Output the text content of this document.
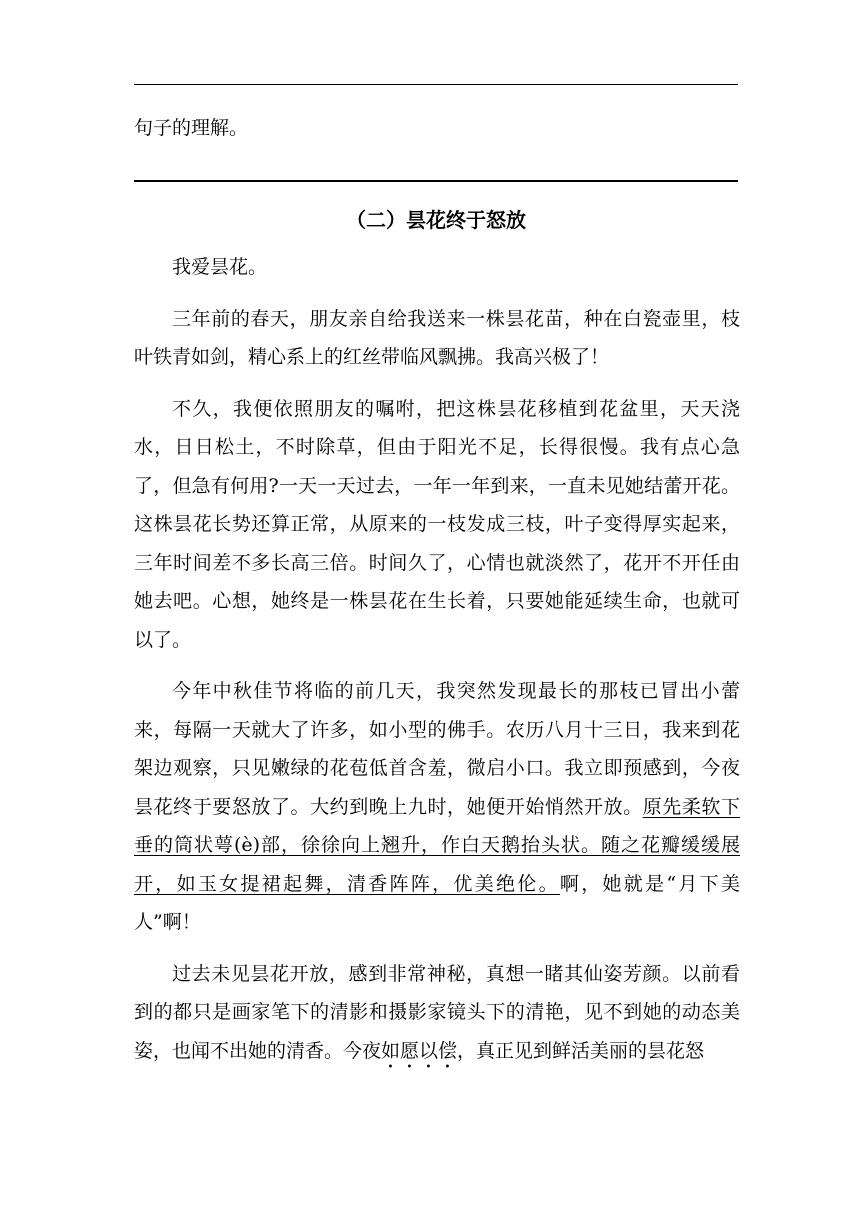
句子的理解。
（二）昙花终于怒放

我爱昙花。

三年前的春天，朋友亲自给我送来一株昙花苗，种在白瓷壶里，枝叶铁青如剑，精心系上的红丝带临风飘拂。我高兴极了！

不久，我便依照朋友的嘱咐，把这株昙花移植到花盆里，天天浇水，日日松土，不时除草，但由于阳光不足，长得很慢。我有点心急了，但急有何用?一天一天过去，一年一年到来，一直未见她结蕾开花。这株昙花长势还算正常，从原来的一枝发成三枝，叶子变得厚实起来，三年时间差不多长高三倍。时间久了，心情也就淡然了，花开不开任由她去吧。心想，她终是一株昙花在生长着，只要她能延续生命，也就可以了。

今年中秋佳节将临的前几天，我突然发现最长的那枝已冒出小蕾来，每隔一天就大了许多，如小型的佛手。农历八月十三日，我来到花架边观察，只见嫩绿的花苞低首含羞，微启小口。我立即预感到，今夜昙花终于要怒放了。大约到晚上九时，她便开始悄然开放。原先柔软下垂的筒状萼(è)部，徐徐向上翘升，作白天鹅抬头状。随之花瓣缓缓展开，如玉女提裙起舞，清香阵阵，优美绝伦。啊，她就是“月下美人”啊！

过去未见昙花开放，感到非常神秘，真想一睹其仙姿芳颜。以前看到的都只是画家笔下的清影和摄影家镜头下的清艳，见不到她的动态美姿，也闻不出她的清香。今夜如愿以偿，真正见到鲜活美丽的昙花怒
